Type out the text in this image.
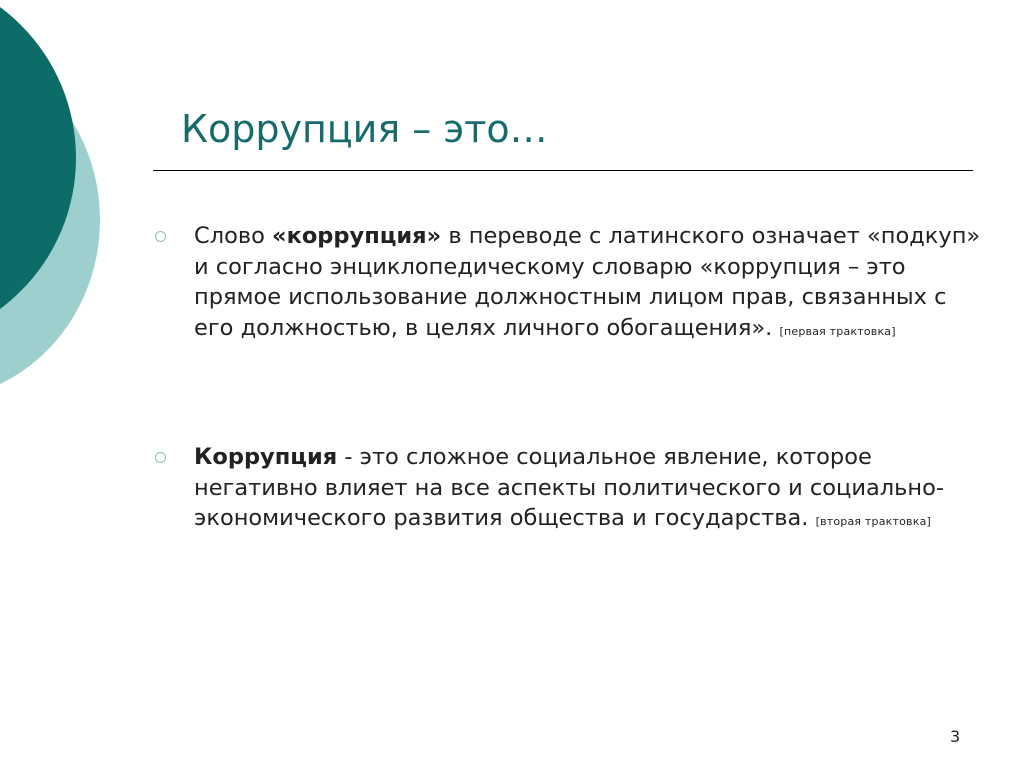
Коррупция – это…
Слово «коррупция» в переводе с латинского означает «подкуп» и согласно энциклопедическому словарю «коррупция – это прямое использование должностным лицом прав, связанных с его должностью, в целях личного обогащения». [первая трактовка]
Коррупция - это сложное социальное явление, которое негативно влияет на все аспекты политического и социально-экономического развития общества и государства. [вторая трактовка]
3
